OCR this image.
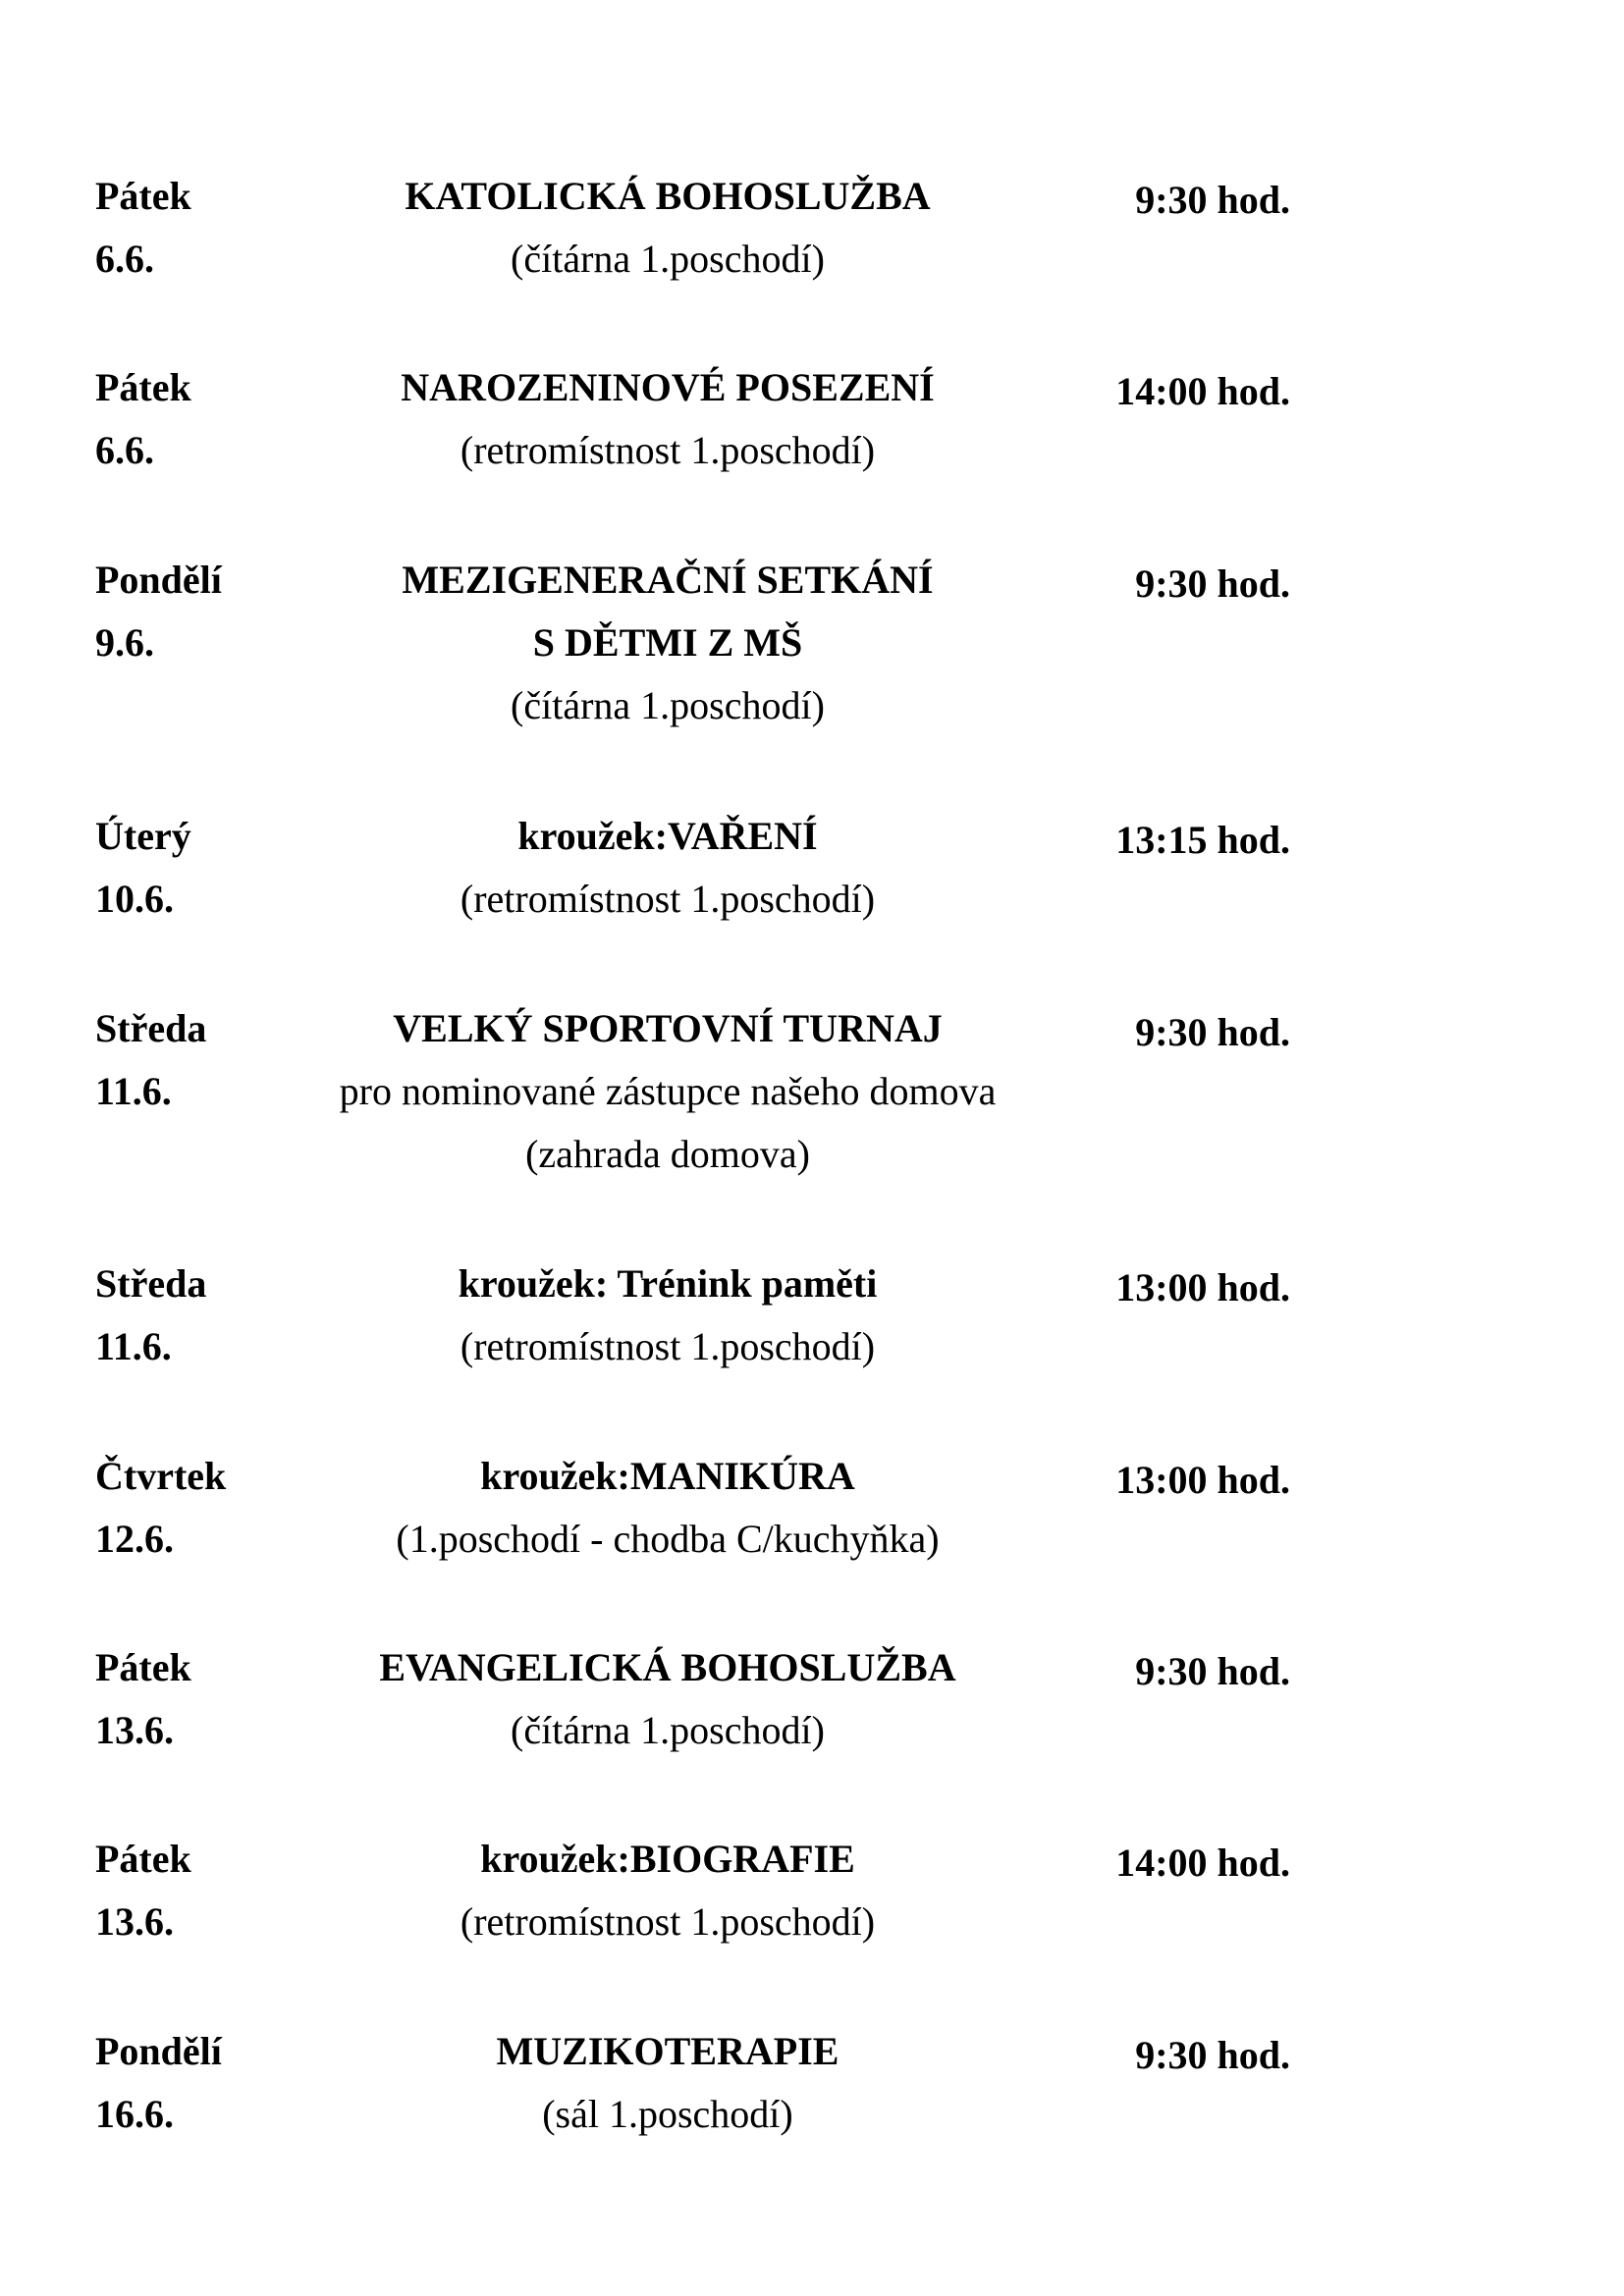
Pátek
6.6.
KATOLICKÁ BOHOSLUŽBA
(čítárna 1.poschodí)
9:30 hod.
Pátek
6.6.
NAROZENINOVÉ POSEZENÍ
(retromístnost 1.poschodí)
14:00 hod.
Pondělí
9.6.
MEZIGENERAČNÍ SETKÁNÍ
S DĚTMI Z MŠ
(čítárna 1.poschodí)
9:30 hod.
Úterý
10.6.
kroužek:VAŘENÍ
(retromístnost 1.poschodí)
13:15 hod.
Středa
11.6.
VELKÝ SPORTOVNÍ TURNAJ
pro nominované zástupce našeho domova
(zahrada domova)
9:30 hod.
Středa
11.6.
kroužek: Trénink paměti
(retromístnost 1.poschodí)
13:00 hod.
Čtvrtek
12.6.
kroužek:MANIKÚRA
(1.poschodí - chodba C/kuchyňka)
13:00 hod.
Pátek
13.6.
EVANGELICKÁ BOHOSLUŽBA
(čítárna 1.poschodí)
9:30 hod.
Pátek
13.6.
kroužek:BIOGRAFIE
(retromístnost 1.poschodí)
14:00 hod.
Pondělí
16.6.
MUZIKOTERAPIE
(sál 1.poschodí)
9:30 hod.
